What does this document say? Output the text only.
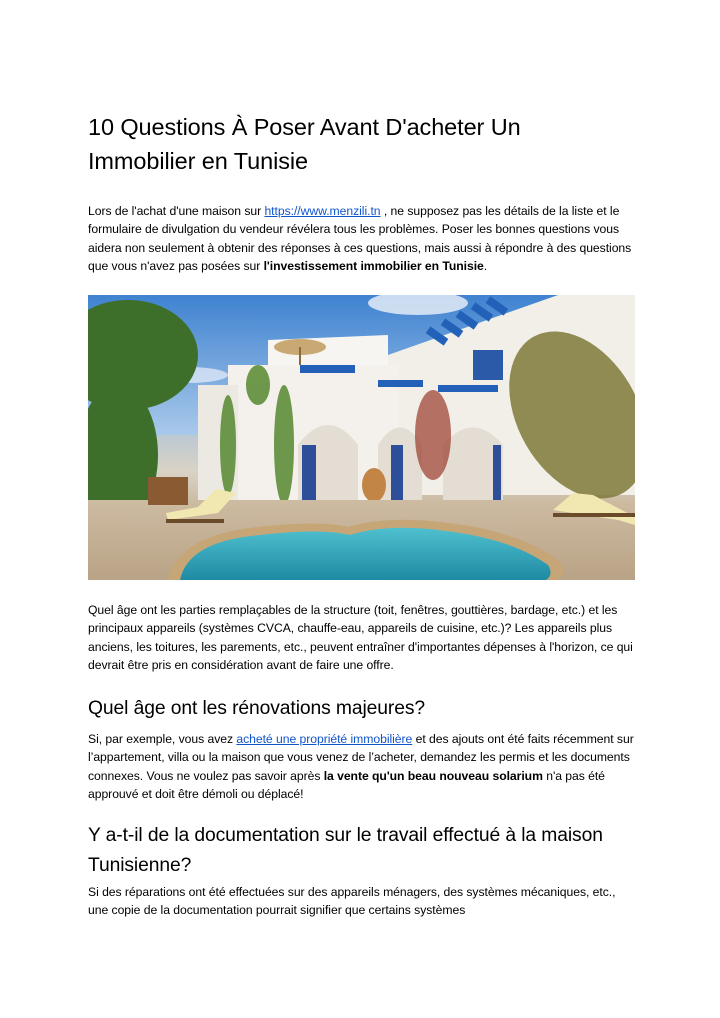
10 Questions À Poser Avant D'acheter Un
Immobilier en Tunisie

Lors de l'achat d'une maison sur https://www.menzili.tn , ne supposez pas les détails de la liste et le formulaire de divulgation du vendeur révélera tous les problèmes. Poser les bonnes questions vous aidera non seulement à obtenir des réponses à ces questions, mais aussi à répondre à des questions que vous n'avez pas posées sur l'investissement immobilier en Tunisie.

Quel âge ont les parties remplaçables de la structure (toit, fenêtres, gouttières, bardage, etc.) et les principaux appareils (systèmes CVCA, chauffe-eau, appareils de cuisine, etc.)? Les appareils plus anciens, les toitures, les parements, etc., peuvent entraîner d'importantes dépenses à l'horizon, ce qui devrait être pris en considération avant de faire une offre.

Quel âge ont les rénovations majeures?

Si, par exemple, vous avez acheté une propriété immobilière et des ajouts ont été faits récemment sur l’appartement, villa ou la maison que vous venez de l’acheter, demandez les permis et les documents connexes. Vous ne voulez pas savoir après la vente qu'un beau nouveau solarium n'a pas été approuvé et doit être démoli ou déplacé!

Y a-t-il de la documentation sur le travail effectué à la maison Tunisienne?

Si des réparations ont été effectuées sur des appareils ménagers, des systèmes mécaniques, etc., une copie de la documentation pourrait signifier que certains systèmes
